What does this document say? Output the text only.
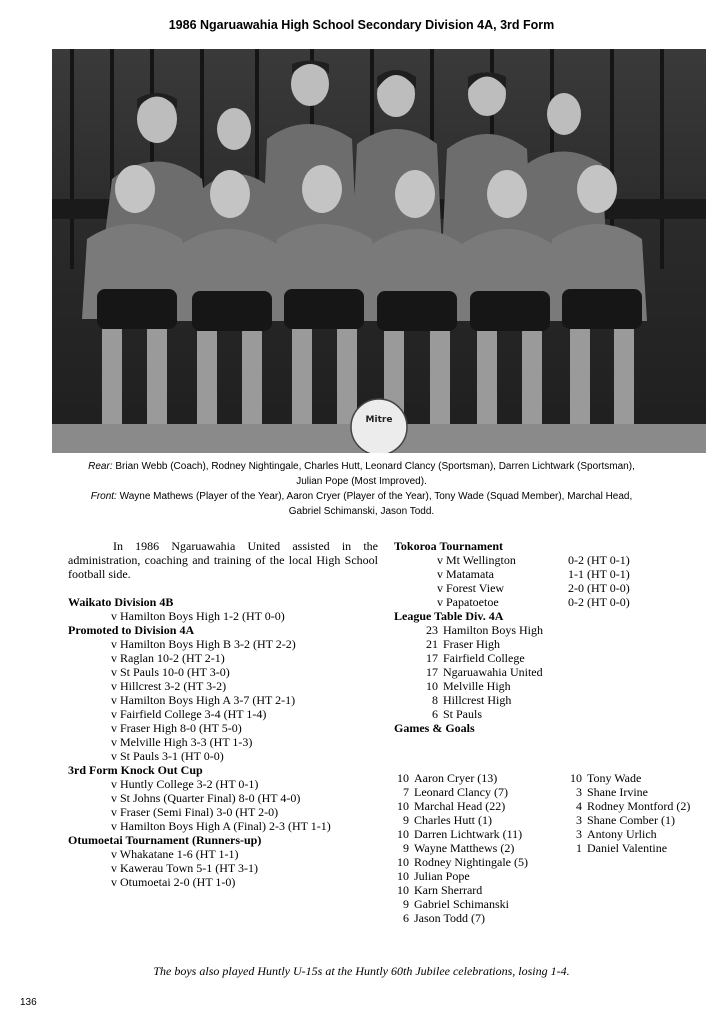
1986 Ngaruawahia High School Secondary Division 4A, 3rd Form
Mitre
Rear: Brian Webb (Coach), Rodney Nightingale, Charles Hutt, Leonard Clancy (Sportsman), Darren Lichtwark (Sportsman),
Julian Pope (Most Improved).
Front: Wayne Mathews (Player of the Year), Aaron Cryer (Player of the Year), Tony Wade (Squad Member), Marchal Head,
Gabriel Schimanski, Jason Todd.
In 1986 Ngaruawahia United assisted in the administration, coaching and training of the local High School football side.
Waikato Division 4B
v Hamilton Boys High 1-2 (HT 0-0)
Promoted to Division 4A
v Hamilton Boys High B 3-2 (HT 2-2)
v Raglan 10-2 (HT 2-1)
v St Pauls 10-0 (HT 3-0)
v Hillcrest 3-2 (HT 3-2)
v Hamilton Boys High A 3-7 (HT 2-1)
v Fairfield College 3-4 (HT 1-4)
v Fraser High 8-0 (HT 5-0)
v Melville High 3-3 (HT 1-3)
v St Pauls 3-1 (HT 0-0)
3rd Form Knock Out Cup
v Huntly College 3-2 (HT 0-1)
v St Johns (Quarter Final) 8-0 (HT 4-0)
v Fraser (Semi Final) 3-0 (HT 2-0)
v Hamilton Boys High A (Final) 2-3 (HT 1-1)
Otumoetai Tournament (Runners-up)
v Whakatane 1-6 (HT 1-1)
v Kawerau Town 5-1 (HT 3-1)
v Otumoetai 2-0 (HT 1-0)
Tokoroa Tournament
v Mt Wellington	0-2 (HT 0-1)
v Matamata	1-1 (HT 0-1)
v Forest View	2-0 (HT 0-0)
v Papatoetoe	0-2 (HT 0-0)
League Table Div. 4A
23 Hamilton Boys High
21 Fraser High
17 Fairfield College
17 Ngaruawahia United
10 Melville High
8 Hillcrest High
6 St Pauls
Games & Goals
10 Aaron Cryer (13)
7 Leonard Clancy (7)
10 Marchal Head (22)
9 Charles Hutt (1)
10 Darren Lichtwark (11)
9 Wayne Matthews (2)
10 Rodney Nightingale (5)
10 Julian Pope
10 Karn Sherrard
9 Gabriel Schimanski
6 Jason Todd (7)
10 Tony Wade
3 Shane Irvine
4 Rodney Montford (2)
3 Shane Comber (1)
3 Antony Urlich
1 Daniel Valentine
The boys also played Huntly U-15s at the Huntly 60th Jubilee celebrations, losing 1-4.
136
